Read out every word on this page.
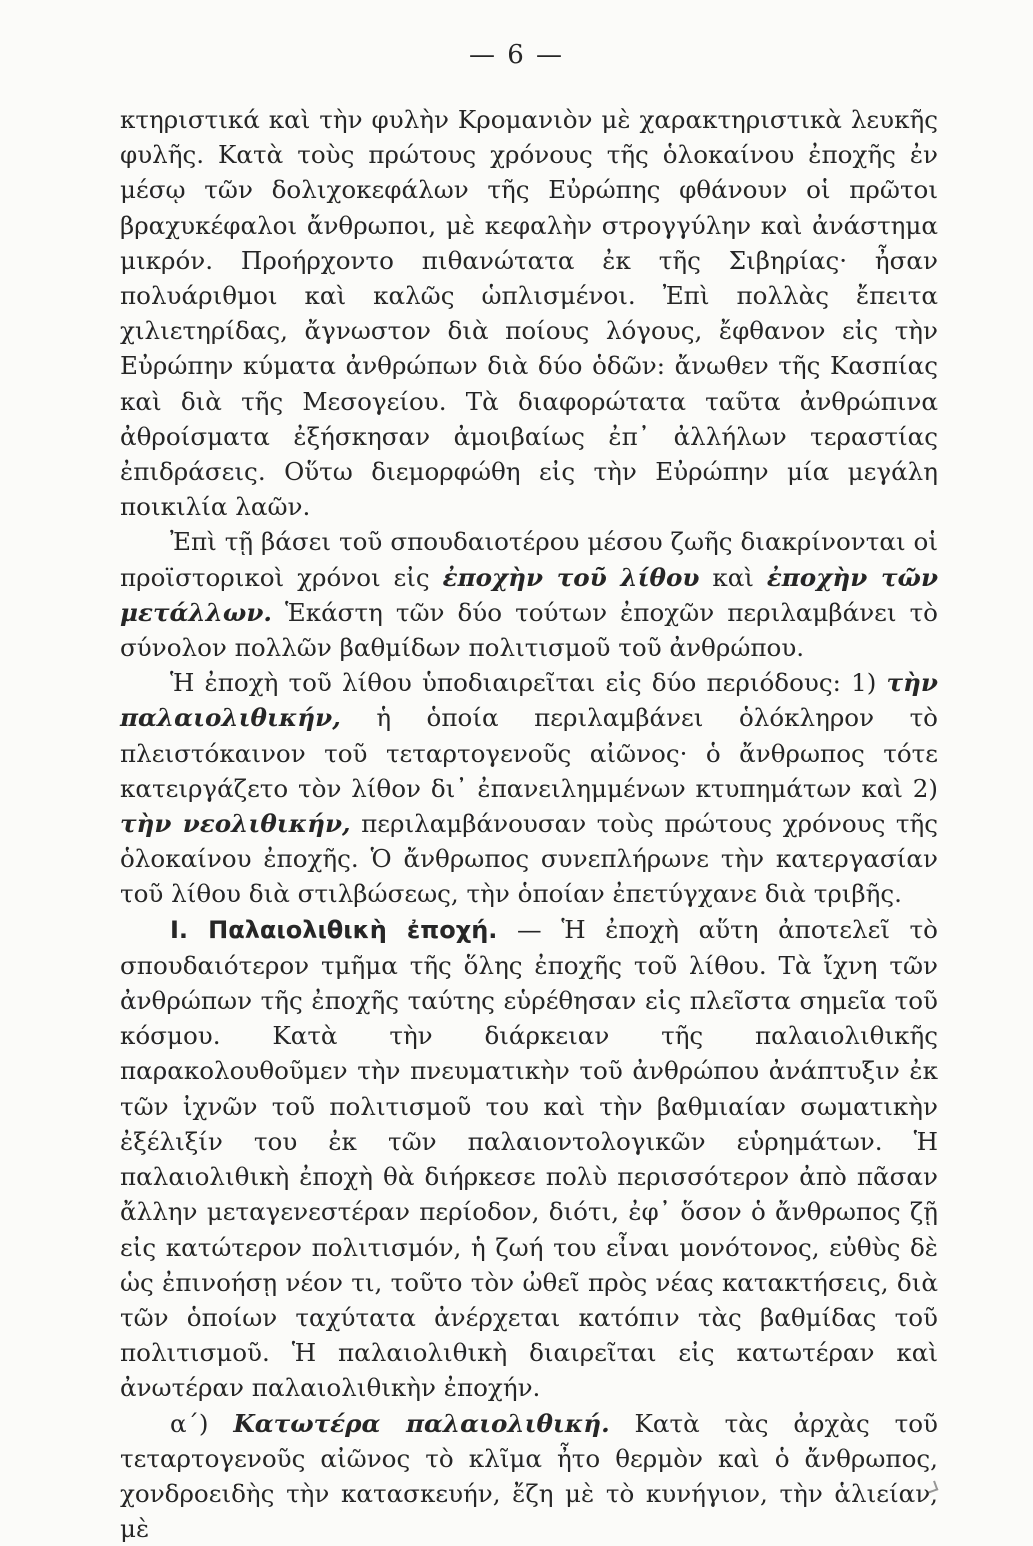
— 6 —

κτηριστικά καὶ τὴν φυλὴν Κρομανιὸν μὲ χαρακτηριστικὰ λευκῆς φυλῆς. Κατὰ τοὺς πρώτους χρόνους τῆς ὁλοκαίνου ἐποχῆς ἐν μέσῳ τῶν δολιχοκεφάλων τῆς Εὐρώπης φθάνουν οἱ πρῶτοι βραχυκέφαλοι ἄνθρωποι, μὲ κεφαλὴν στρογγύλην καὶ ἀνάστημα μικρόν. Προήρχοντο πιθανώτατα ἐκ τῆς Σιβηρίας· ἦσαν πολυάριθμοι καὶ καλῶς ὡπλισμένοι. Ἐπὶ πολλὰς ἔπειτα χιλιετηρίδας, ἄγνωστον διὰ ποίους λόγους, ἔφθανον εἰς τὴν Εὐρώπην κύματα ἀνθρώπων διὰ δύο ὁδῶν: ἄνωθεν τῆς Κασπίας καὶ διὰ τῆς Μεσογείου. Τὰ διαφορώτατα ταῦτα ἀνθρώπινα ἀθροίσματα ἐξήσκησαν ἀμοιβαίως ἐπ᾽ ἀλλήλων τεραστίας ἐπιδράσεις. Οὕτω διεμορφώθη εἰς τὴν Εὐρώπην μία μεγάλη ποικιλία λαῶν.

Ἐπὶ τῇ βάσει τοῦ σπουδαιοτέρου μέσου ζωῆς διακρίνονται οἱ προϊστορικοὶ χρόνοι εἰς ἐποχὴν τοῦ λίθου καὶ ἐποχὴν τῶν μετάλλων. Ἑκάστη τῶν δύο τούτων ἐποχῶν περιλαμβάνει τὸ σύνολον πολλῶν βαθμίδων πολιτισμοῦ τοῦ ἀνθρώπου.

Ἡ ἐποχὴ τοῦ λίθου ὑποδιαιρεῖται εἰς δύο περιόδους: 1) τὴν παλαιολιθικήν, ἡ ὁποία περιλαμβάνει ὁλόκληρον τὸ πλειστόκαινον τοῦ τεταρτογενοῦς αἰῶνος· ὁ ἄνθρωπος τότε κατειργάζετο τὸν λίθον δι᾽ ἐπανειλημμένων κτυπημάτων καὶ 2) τὴν νεολιθικήν, περιλαμβάνουσαν τοὺς πρώτους χρόνους τῆς ὁλοκαίνου ἐποχῆς. Ὁ ἄνθρωπος συνεπλήρωνε τὴν κατεργασίαν τοῦ λίθου διὰ στιλβώσεως, τὴν ὁποίαν ἐπετύγχανε διὰ τριβῆς.

I. Παλαιολιθικὴ ἐποχή. — Ἡ ἐποχὴ αὕτη ἀποτελεῖ τὸ σπουδαιότερον τμῆμα τῆς ὅλης ἐποχῆς τοῦ λίθου. Τὰ ἴχνη τῶν ἀνθρώπων τῆς ἐποχῆς ταύτης εὑρέθησαν εἰς πλεῖστα σημεῖα τοῦ κόσμου. Κατὰ τὴν διάρκειαν τῆς παλαιολιθικῆς παρακολουθοῦμεν τὴν πνευματικὴν τοῦ ἀνθρώπου ἀνάπτυξιν ἐκ τῶν ἰχνῶν τοῦ πολιτισμοῦ του καὶ τὴν βαθμιαίαν σωματικὴν ἐξέλιξίν του ἐκ τῶν παλαιοντολογικῶν εὑρημάτων. Ἡ παλαιολιθικὴ ἐποχὴ θὰ διήρκεσε πολὺ περισσότερον ἀπὸ πᾶσαν ἄλλην μεταγενεστέραν περίοδον, διότι, ἐφ᾽ ὅσον ὁ ἄνθρωπος ζῇ εἰς κατώτερον πολιτισμόν, ἡ ζωή του εἶναι μονότονος, εὐθὺς δὲ ὡς ἐπινοήσῃ νέον τι, τοῦτο τὸν ὠθεῖ πρὸς νέας κατακτήσεις, διὰ τῶν ὁποίων ταχύτατα ἀνέρχεται κατόπιν τὰς βαθμίδας τοῦ πολιτισμοῦ. Ἡ παλαιολιθικὴ διαιρεῖται εἰς κατωτέραν καὶ ἀνωτέραν παλαιολιθικὴν ἐποχήν.

α΄) Κατωτέρα παλαιολιθική. Κατὰ τὰς ἀρχὰς τοῦ τεταρτογενοῦς αἰῶνος τὸ κλῖμα ἦτο θερμὸν καὶ ὁ ἄνθρωπος, χονδροειδὴς τὴν κατασκευήν, ἔζη μὲ τὸ κυνήγιον, τὴν ἁλιείαν, μὲ
